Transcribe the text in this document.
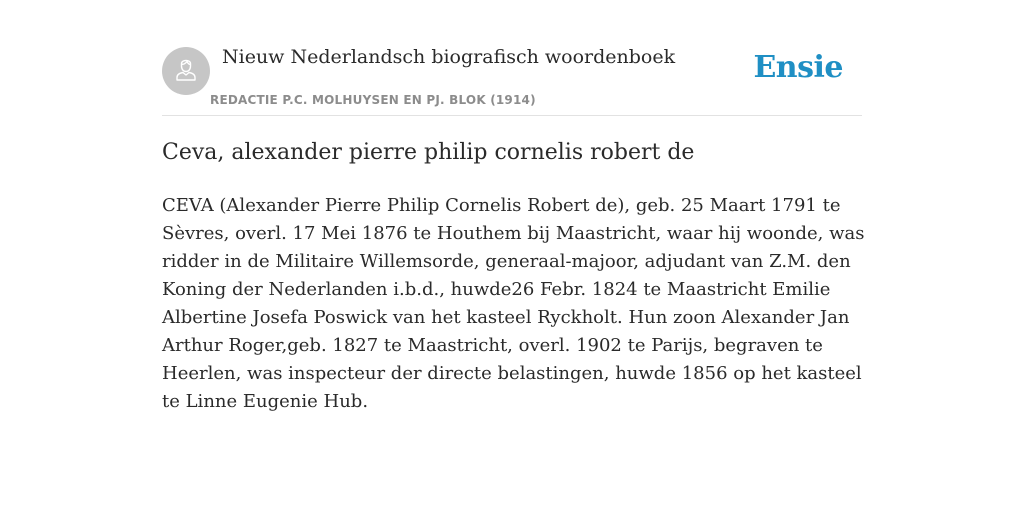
Nieuw Nederlandsch biografisch woordenboek
REDACTIE P.C. MOLHUYSEN EN PJ. BLOK (1914)
Ensie
Ceva, alexander pierre philip cornelis robert de

CEVA (Alexander Pierre Philip Cornelis Robert de), geb. 25 Maart 1791 te Sèvres, overl. 17 Mei 1876 te Houthem bij Maastricht, waar hij woonde, was ridder in de Militaire Willemsorde, generaal-majoor, adjudant van Z.M. den Koning der Nederlanden i.b.d., huwde26 Febr. 1824 te Maastricht Emilie Albertine Josefa Poswick van het kasteel Ryckholt. Hun zoon Alexander Jan Arthur Roger,geb. 1827 te Maastricht, overl. 1902 te Parijs, begraven te Heerlen, was inspecteur der directe belastingen, huwde 1856 op het kasteel te Linne Eugenie Hub.
